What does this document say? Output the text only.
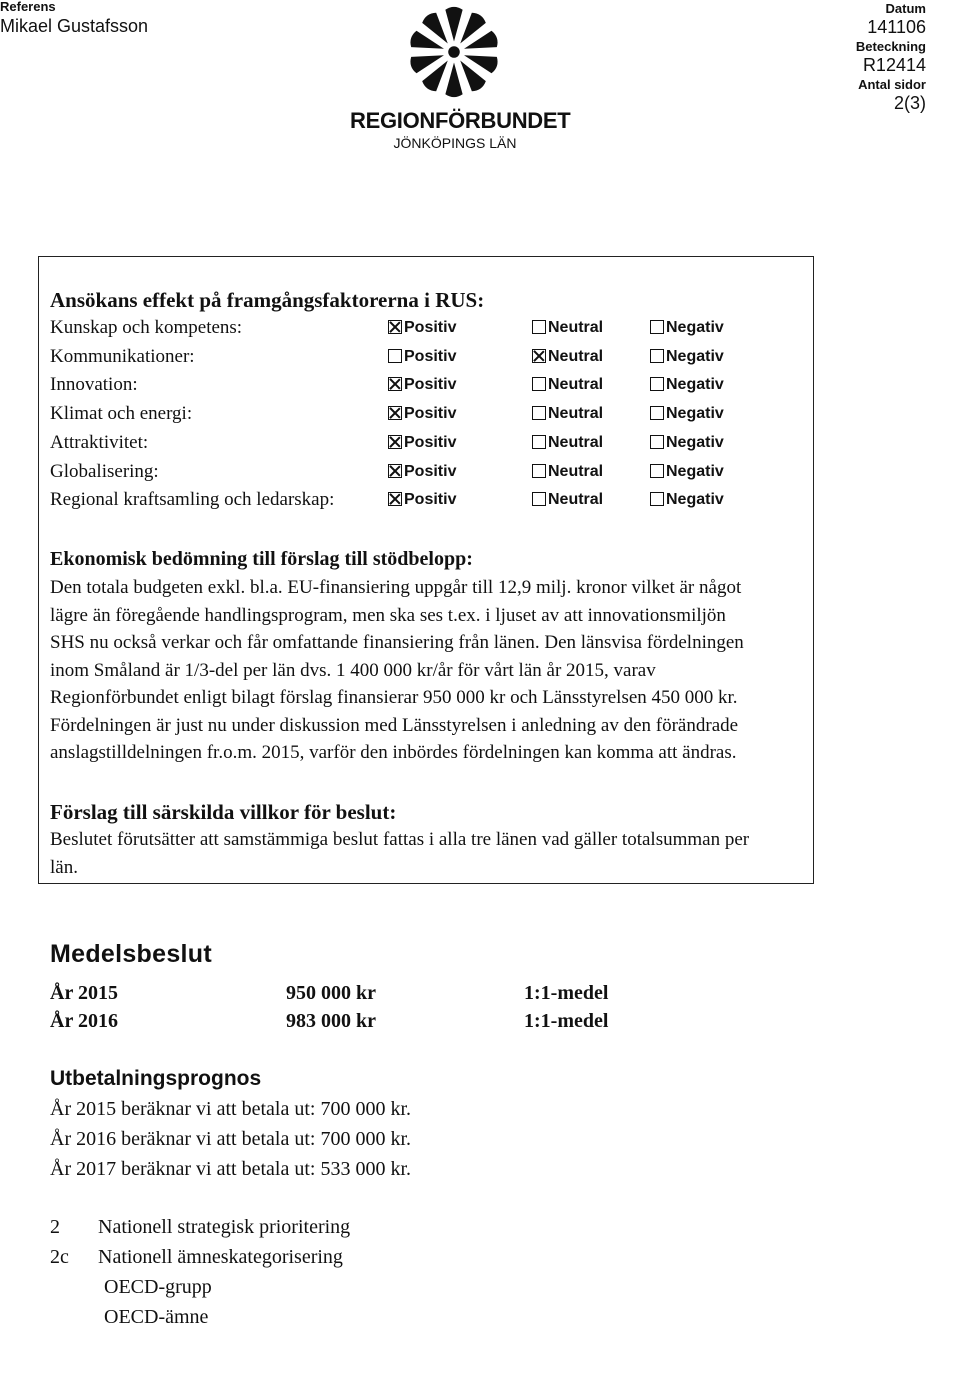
Referens
Mikael Gustafsson
REGIONFÖRBUNDET
JÖNKÖPINGS LÄN
Datum
141106
Beteckning
R12414
Antal sidor
2(3)
Ansökans effekt på framgångsfaktorerna i RUS:
Kunskap och kompetens:	Positiv	Neutral	Negativ
Kommunikationer:	Positiv	Neutral	Negativ
Innovation:	Positiv	Neutral	Negativ
Klimat och energi:	Positiv	Neutral	Negativ
Attraktivitet:	Positiv	Neutral	Negativ
Globalisering:	Positiv	Neutral	Negativ
Regional kraftsamling och ledarskap:	Positiv	Neutral	Negativ
Ekonomisk bedömning till förslag till stödbelopp:
Den totala budgeten exkl. bl.a. EU-finansiering uppgår till 12,9 milj. kronor vilket är något
lägre än föregående handlingsprogram, men ska ses t.ex. i ljuset av att innovationsmiljön
SHS nu också verkar och får omfattande finansiering från länen. Den länsvisa fördelningen
inom Småland är 1/3-del per län dvs. 1 400 000 kr/år för vårt län år 2015, varav
Regionförbundet enligt bilagt förslag finansierar 950 000 kr och Länsstyrelsen 450 000 kr.
Fördelningen är just nu under diskussion med Länsstyrelsen i anledning av den förändrade
anslagstilldelningen fr.o.m. 2015, varför den inbördes fördelningen kan komma att ändras.
Förslag till särskilda villkor för beslut:
Beslutet förutsätter att samstämmiga beslut fattas i alla tre länen vad gäller totalsumman per
län.
Medelsbeslut
År 2015	950 000 kr	1:1-medel
År 2016	983 000 kr	1:1-medel
Utbetalningsprognos
År 2015 beräknar vi att betala ut: 700 000 kr.
År 2016 beräknar vi att betala ut: 700 000 kr.
År 2017 beräknar vi att betala ut: 533 000 kr.
2 Nationell strategisk prioritering
2c Nationell ämneskategorisering
OECD-grupp
OECD-ämne
